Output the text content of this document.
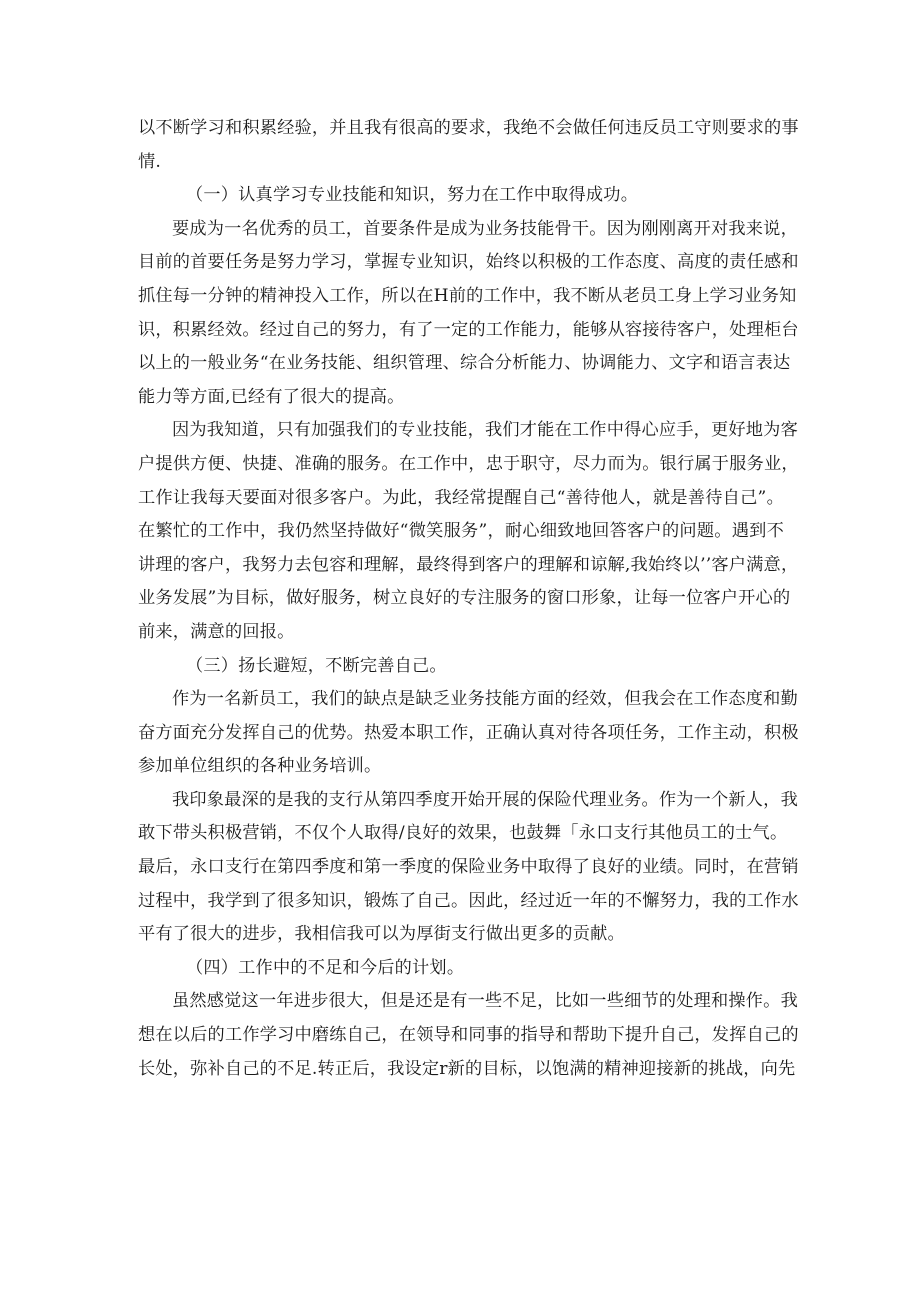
以不断学习和积累经验，并且我有很高的要求，我绝不会做任何违反员工守则要求的事
情.
（一）认真学习专业技能和知识，努力在工作中取得成功。
要成为一名优秀的员工，首要条件是成为业务技能骨干。因为刚刚离开对我来说，
目前的首要任务是努力学习，掌握专业知识，始终以积极的工作态度、高度的责任感和
抓住每一分钟的精神投入工作，所以在H前的工作中，我不断从老员工身上学习业务知
识，积累经效。经过自己的努力，有了一定的工作能力，能够从容接待客户，处理柜台
以上的一般业务“在业务技能、组织管理、综合分析能力、协调能力、文字和语言表达
能力等方面,已经有了很大的提高。
因为我知道，只有加强我们的专业技能，我们才能在工作中得心应手，更好地为客
户提供方便、快捷、准确的服务。在工作中，忠于职守，尽力而为。银行属于服务业，
工作让我每天要面对很多客户。为此，我经常提醒自己“善待他人，就是善待自己”。
在繁忙的工作中，我仍然坚持做好“微笑服务”，耐心细致地回答客户的问题。遇到不
讲理的客户，我努力去包容和理解，最终得到客户的理解和谅解,我始终以’’客户满意，
业务发展”为目标，做好服务，树立良好的专注服务的窗口形象，让每一位客户开心的
前来，满意的回报。
（三）扬长避短，不断完善自己。
作为一名新员工，我们的缺点是缺乏业务技能方面的经效，但我会在工作态度和勤
奋方面充分发挥自己的优势。热爱本职工作，正确认真对待各项任务，工作主动，积极
参加单位组织的各种业务培训。
我印象最深的是我的支行从第四季度开始开展的保险代理业务。作为一个新人，我
敢下带头积极营销，不仅个人取得/良好的效果，也鼓舞「永口支行其他员工的士气。
最后，永口支行在第四季度和第一季度的保险业务中取得了良好的业绩。同时，在营销
过程中，我学到了很多知识，锻炼了自己。因此，经过近一年的不懈努力，我的工作水
平有了很大的进步，我相信我可以为厚街支行做出更多的贡献。
（四）工作中的不足和今后的计划。
虽然感觉这一年进步很大，但是还是有一些不足，比如一些细节的处理和操作。我
想在以后的工作学习中磨练自己，在领导和同事的指导和帮助下提升自己，发挥自己的
长处，弥补自己的不足.转正后，我设定r新的目标，以饱满的精神迎接新的挑战，向先
